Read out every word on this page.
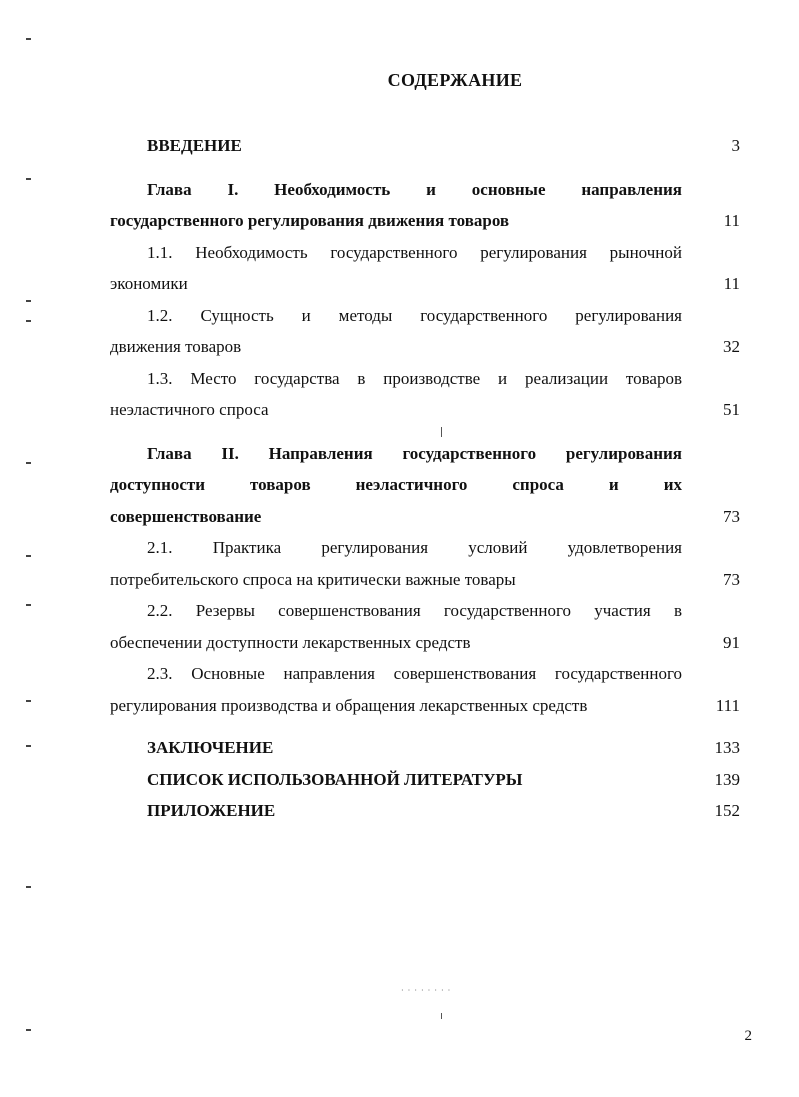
СОДЕРЖАНИЕ
ВВЕДЕНИЕ	3
Глава I. Необходимость и основные направления
государственного регулирования движения товаров	11
1.1. Необходимость государственного регулирования рыночной
экономики	11
1.2. Сущность и методы государственного регулирования
движения товаров	32
1.3. Место государства в производстве и реализации товаров
неэластичного спроса	51
Глава II. Направления государственного регулирования
доступности товаров неэластичного спроса и их
совершенствование	73
2.1. Практика регулирования условий удовлетворения
потребительского спроса на критически важные товары	73
2.2. Резервы совершенствования государственного участия в
обеспечении доступности лекарственных средств	91
2.3. Основные направления совершенствования государственного
регулирования производства и обращения лекарственных средств	111
ЗАКЛЮЧЕНИЕ	133
СПИСОК ИСПОЛЬЗОВАННОЙ ЛИТЕРАТУРЫ	139
ПРИЛОЖЕНИЕ	152
2
· · · · · · · ·
